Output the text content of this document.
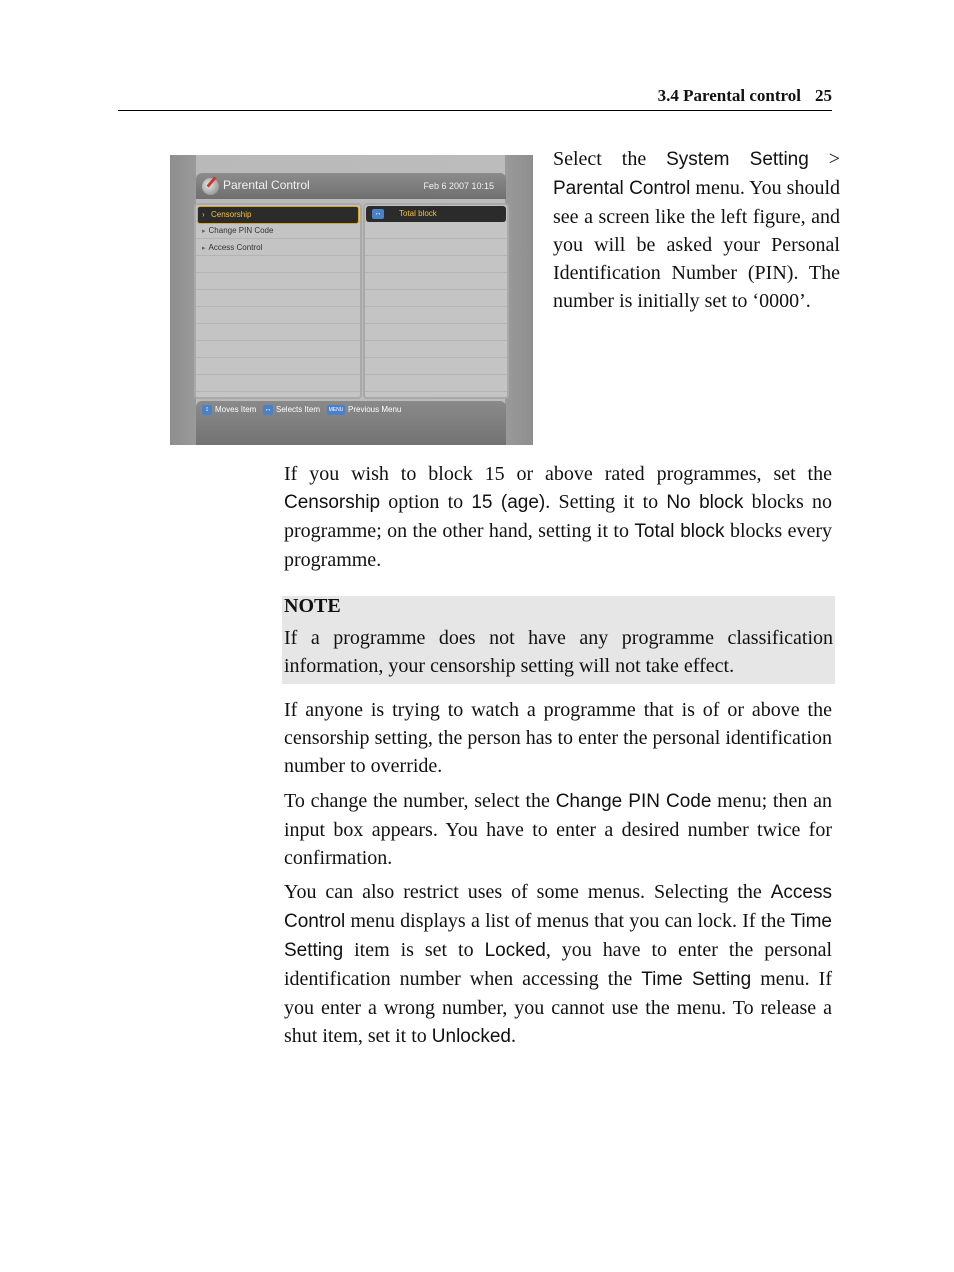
3.4 Parental control 25
Parental Control	Feb 6 2007 10:15
› Censorship
▸ Change PIN Code
▸ Access Control
↔	Total block
↕ Moves Item ↔ Selects Item	MENU Previous Menu

Select the System Setting > Parental Control menu. You should see a screen like the left figure, and you will be asked your Personal Identification Number (PIN). The number is initially set to ‘0000’.

If you wish to block 15 or above rated programmes, set the Censorship option to 15 (age). Setting it to No block blocks no programme; on the other hand, setting it to Total block blocks every programme.

NOTE

If a programme does not have any programme classification information, your censorship setting will not take effect.

If anyone is trying to watch a programme that is of or above the censorship setting, the person has to enter the personal identification number to override.

To change the number, select the Change PIN Code menu; then an input box appears. You have to enter a desired number twice for confirmation.

You can also restrict uses of some menus. Selecting the Access Control menu displays a list of menus that you can lock. If the Time Setting item is set to Locked, you have to enter the personal identification number when accessing the Time Setting menu. If you enter a wrong number, you cannot use the menu. To release a shut item, set it to Unlocked.
